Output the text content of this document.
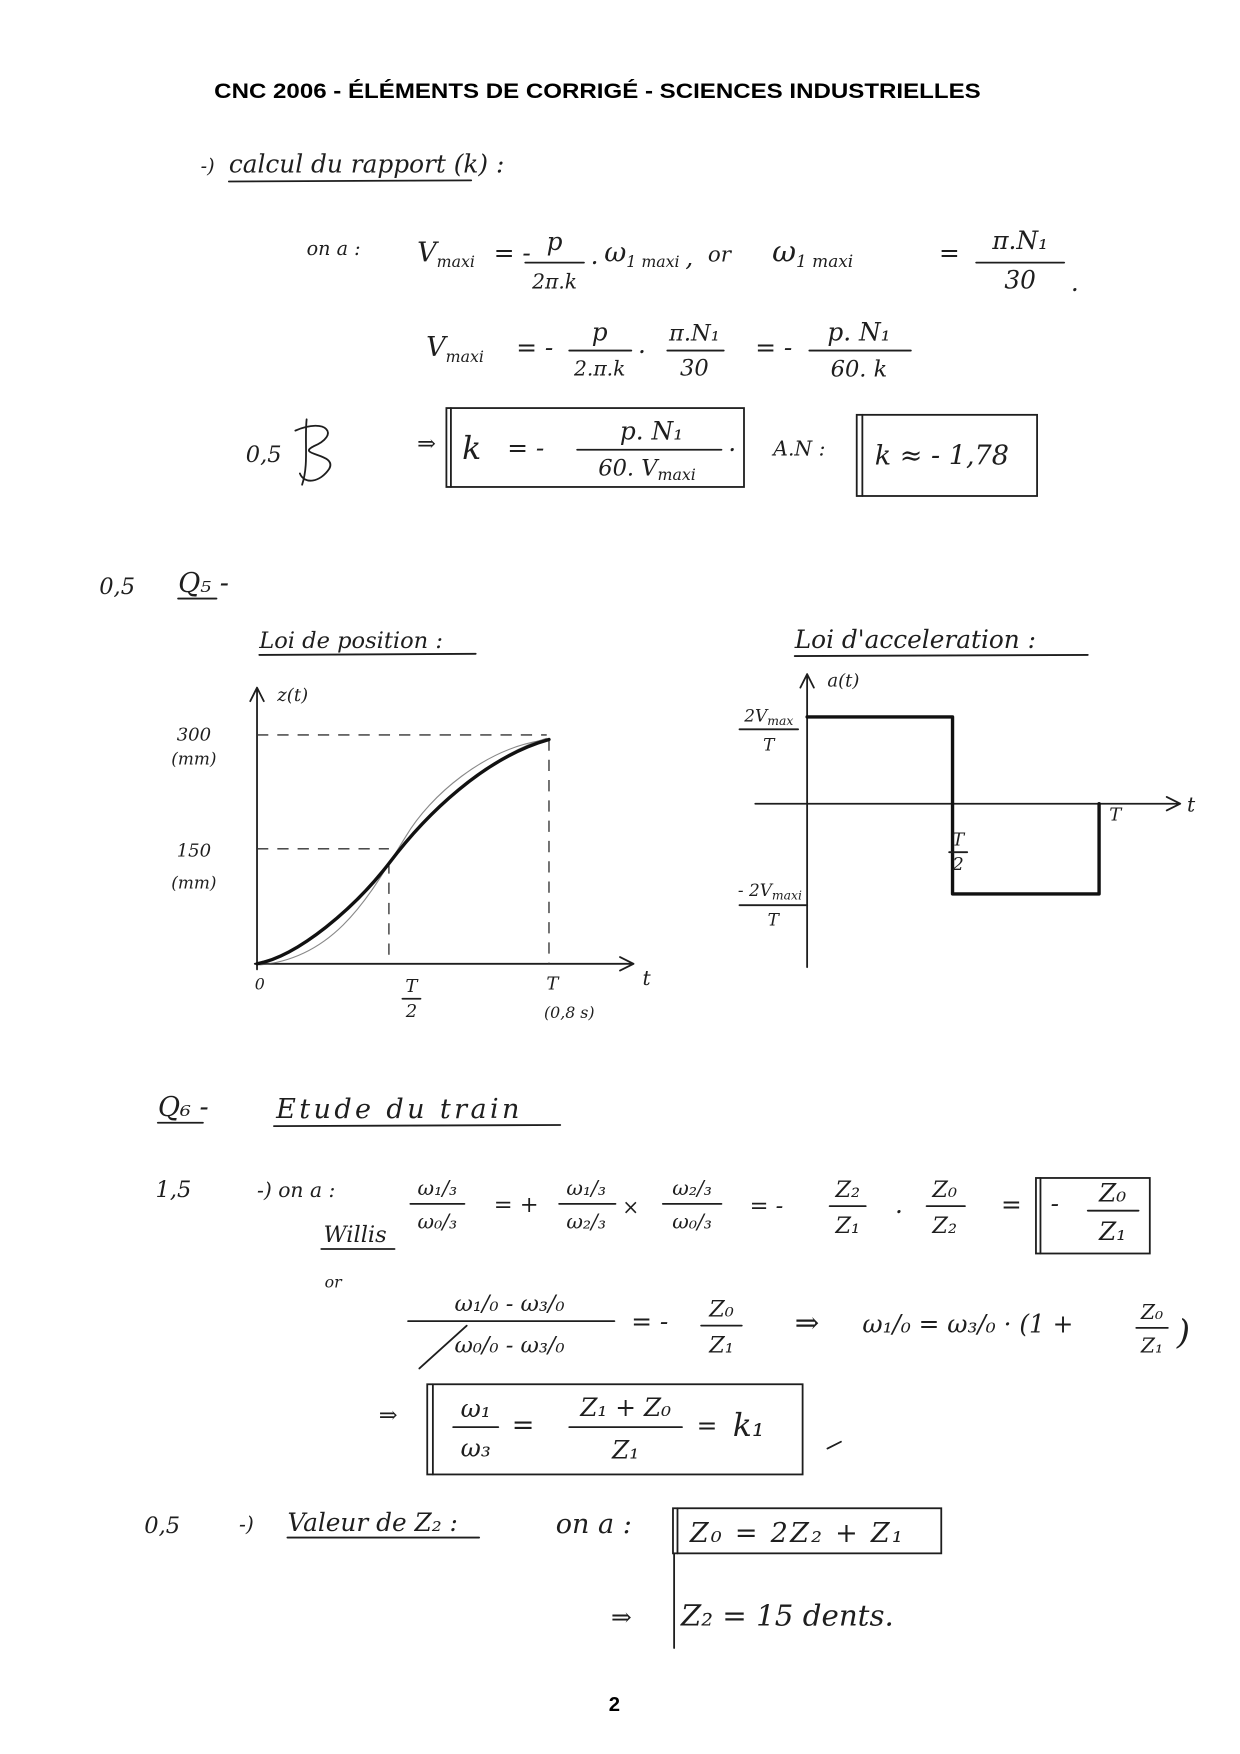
CNC 2006 - ÉLÉMENTS DE CORRIGÉ - SCIENCES INDUSTRIELLES
-) calcul du rapport (k) :
on a : $V_{maxi}$ = - p
2π.k
. $\omega_{1 maxi}$ , or ω1 maxi	= π.N₁
30 .
$V_{maxi}$ = -
p
2.π.k
. π.N₁
30
= -
p. N₁
60. k
0,5	⇒ k = -
p. N₁
60. $V_{maxi}$
. A.N : k ≈ - 1,78
0,5 Q₅ -
Loi de position :
z(t)
t
300
(mm)
150
(mm)
0	T
2
T
(0,8 s)
Loi d'acceleration :
a(t)
t
$2V_{max}$
T
- $2V_{maxi}$
T
T
2
T
Q₆ -	Etude du train
1,5	-) on a :
Willis
ω₁/₃
ω₀/₃
= +
ω₁/₃
ω₂/₃
×
ω₂/₃
ω₀/₃
= -
Z₂
Z₁
. Z₀
Z₂
= - Z₀
Z₁
or
ω₁/₀ - ω₃/₀
ω₀/₀ - ω₃/₀
= - Z₀
Z₁
⇒ ω₁/₀ = ω₃/₀ · (1 +	Z₀
Z₁ )
⇒	ω₁
ω₃
=
Z₁ + Z₀
Z₁
= k₁
0,5	-) Valeur de Z₂ :	on a : Z₀ = 2Z₂ + Z₁
⇒ Z₂ = 15 dents.
2
